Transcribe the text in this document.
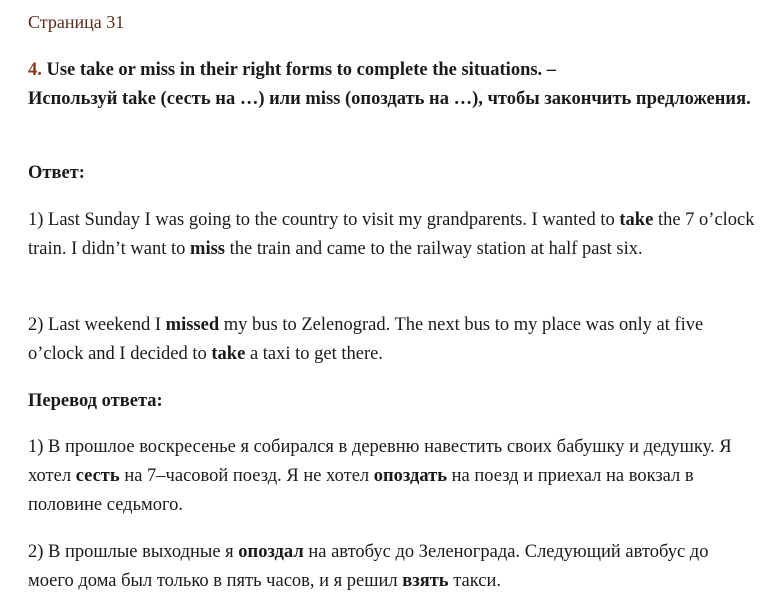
Страница 31
4. Use take or miss in their right forms to complete the situations. –
Используй take (сесть на …) или miss (опоздать на …), чтобы закончить предложения.
Ответ:
1) Last Sunday I was going to the country to visit my grandparents. I wanted to take the 7 o’clock train. I didn’t want to miss the train and came to the railway station at half past six.
2) Last weekend I missed my bus to Zelenograd. The next bus to my place was only at five o’clock and I decided to take a taxi to get there.
Перевод ответа:
1) В прошлое воскресенье я собирался в деревню навестить своих бабушку и дедушку. Я хотел сесть на 7–часовой поезд. Я не хотел опоздать на поезд и приехал на вокзал в половине седьмого.
2) В прошлые выходные я опоздал на автобус до Зеленограда. Следующий автобус до моего дома был только в пять часов, и я решил взять такси.
